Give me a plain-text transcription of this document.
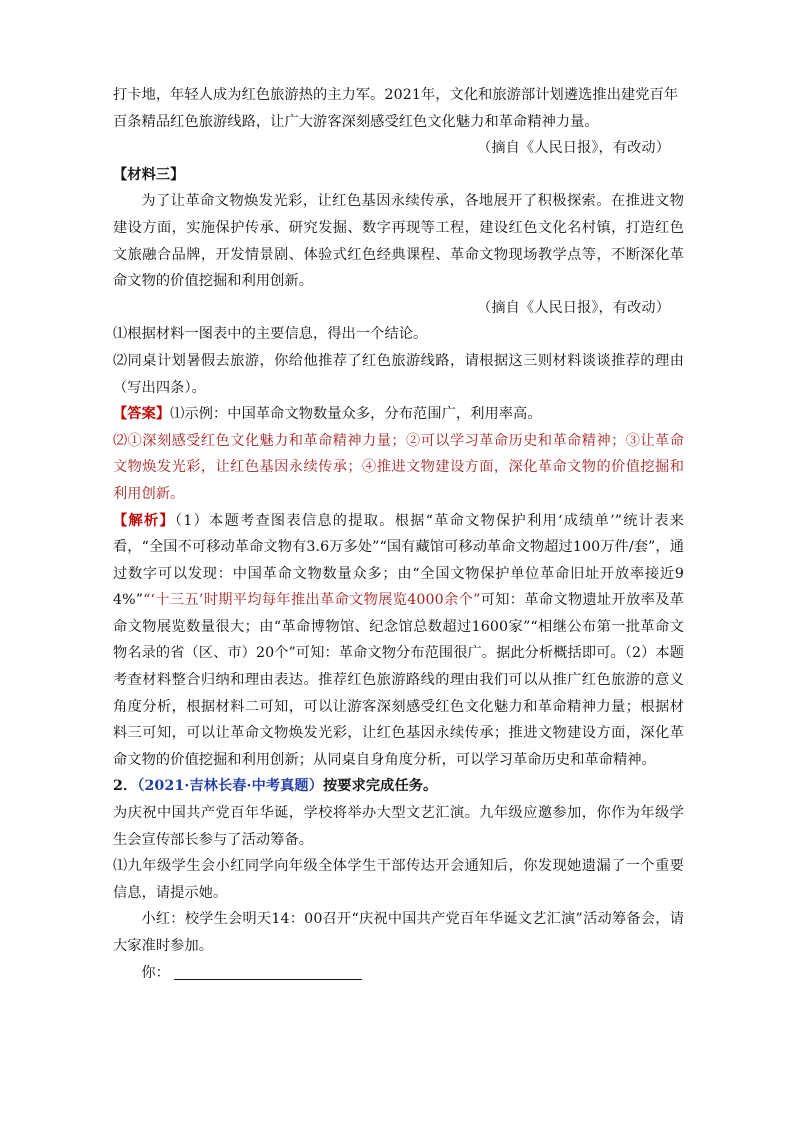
打卡地，年轻人成为红色旅游热的主力军。2021年，文化和旅游部计划遴选推出建党百年

百条精品红色旅游线路，让广大游客深刻感受红色文化魅力和革命精神力量。

（摘自《人民日报》，有改动）

【材料三】

为了让革命文物焕发光彩，让红色基因永续传承，各地展开了积极探索。在推进文物建设方面，实施保护传承、研究发掘、数字再现等工程，建设红色文化名村镇，打造红色文旅融合品牌，开发情景剧、体验式红色经典课程、革命文物现场教学点等，不断深化革命文物的价值挖掘和利用创新。

（摘自《人民日报》，有改动）

⑴根据材料一图表中的主要信息，得出一个结论。

⑵同桌计划暑假去旅游，你给他推荐了红色旅游线路，请根据这三则材料谈谈推荐的理由（写出四条）。

【答案】⑴示例：中国革命文物数量众多，分布范围广，利用率高。

⑵①深刻感受红色文化魅力和革命精神力量；②可以学习革命历史和革命精神；③让革命文物焕发光彩，让红色基因永续传承；④推进文物建设方面，深化革命文物的价值挖掘和利用创新。

【解析】（1）本题考查图表信息的提取。根据“革命文物保护利用‘成绩单’”统计表来看，“全国不可移动革命文物有3.6万多处”“国有藏馆可移动革命文物超过100万件/套”，通过数字可以发现：中国革命文物数量众多；由“全国文物保护单位革命旧址开放率接近94%”“‘十三五’时期平均每年推出革命文物展览4000余个”可知：革命文物遗址开放率及革命文物展览数量很大；由“革命博物馆、纪念馆总数超过1600家”“相继公布第一批革命文物名录的省（区、市）20个”可知：革命文物分布范围很广。据此分析概括即可。（2）本题考查材料整合归纳和理由表达。推荐红色旅游路线的理由我们可以从推广红色旅游的意义角度分析，根据材料二可知，可以让游客深刻感受红色文化魅力和革命精神力量；根据材料三可知，可以让革命文物焕发光彩，让红色基因永续传承；推进文物建设方面，深化革命文物的价值挖掘和利用创新；从同桌自身角度分析，可以学习革命历史和革命精神。

2．（2021·吉林长春·中考真题）按要求完成任务。

为庆祝中国共产党百年华诞，学校将举办大型文艺汇演。九年级应邀参加，你作为年级学生会宣传部长参与了活动筹备。

⑴九年级学生会小红同学向年级全体学生干部传达开会通知后，你发现她遗漏了一个重要信息，请提示她。

小红：校学生会明天14：00召开“庆祝中国共产党百年华诞文艺汇演”活动筹备会，请大家准时参加。

你：
